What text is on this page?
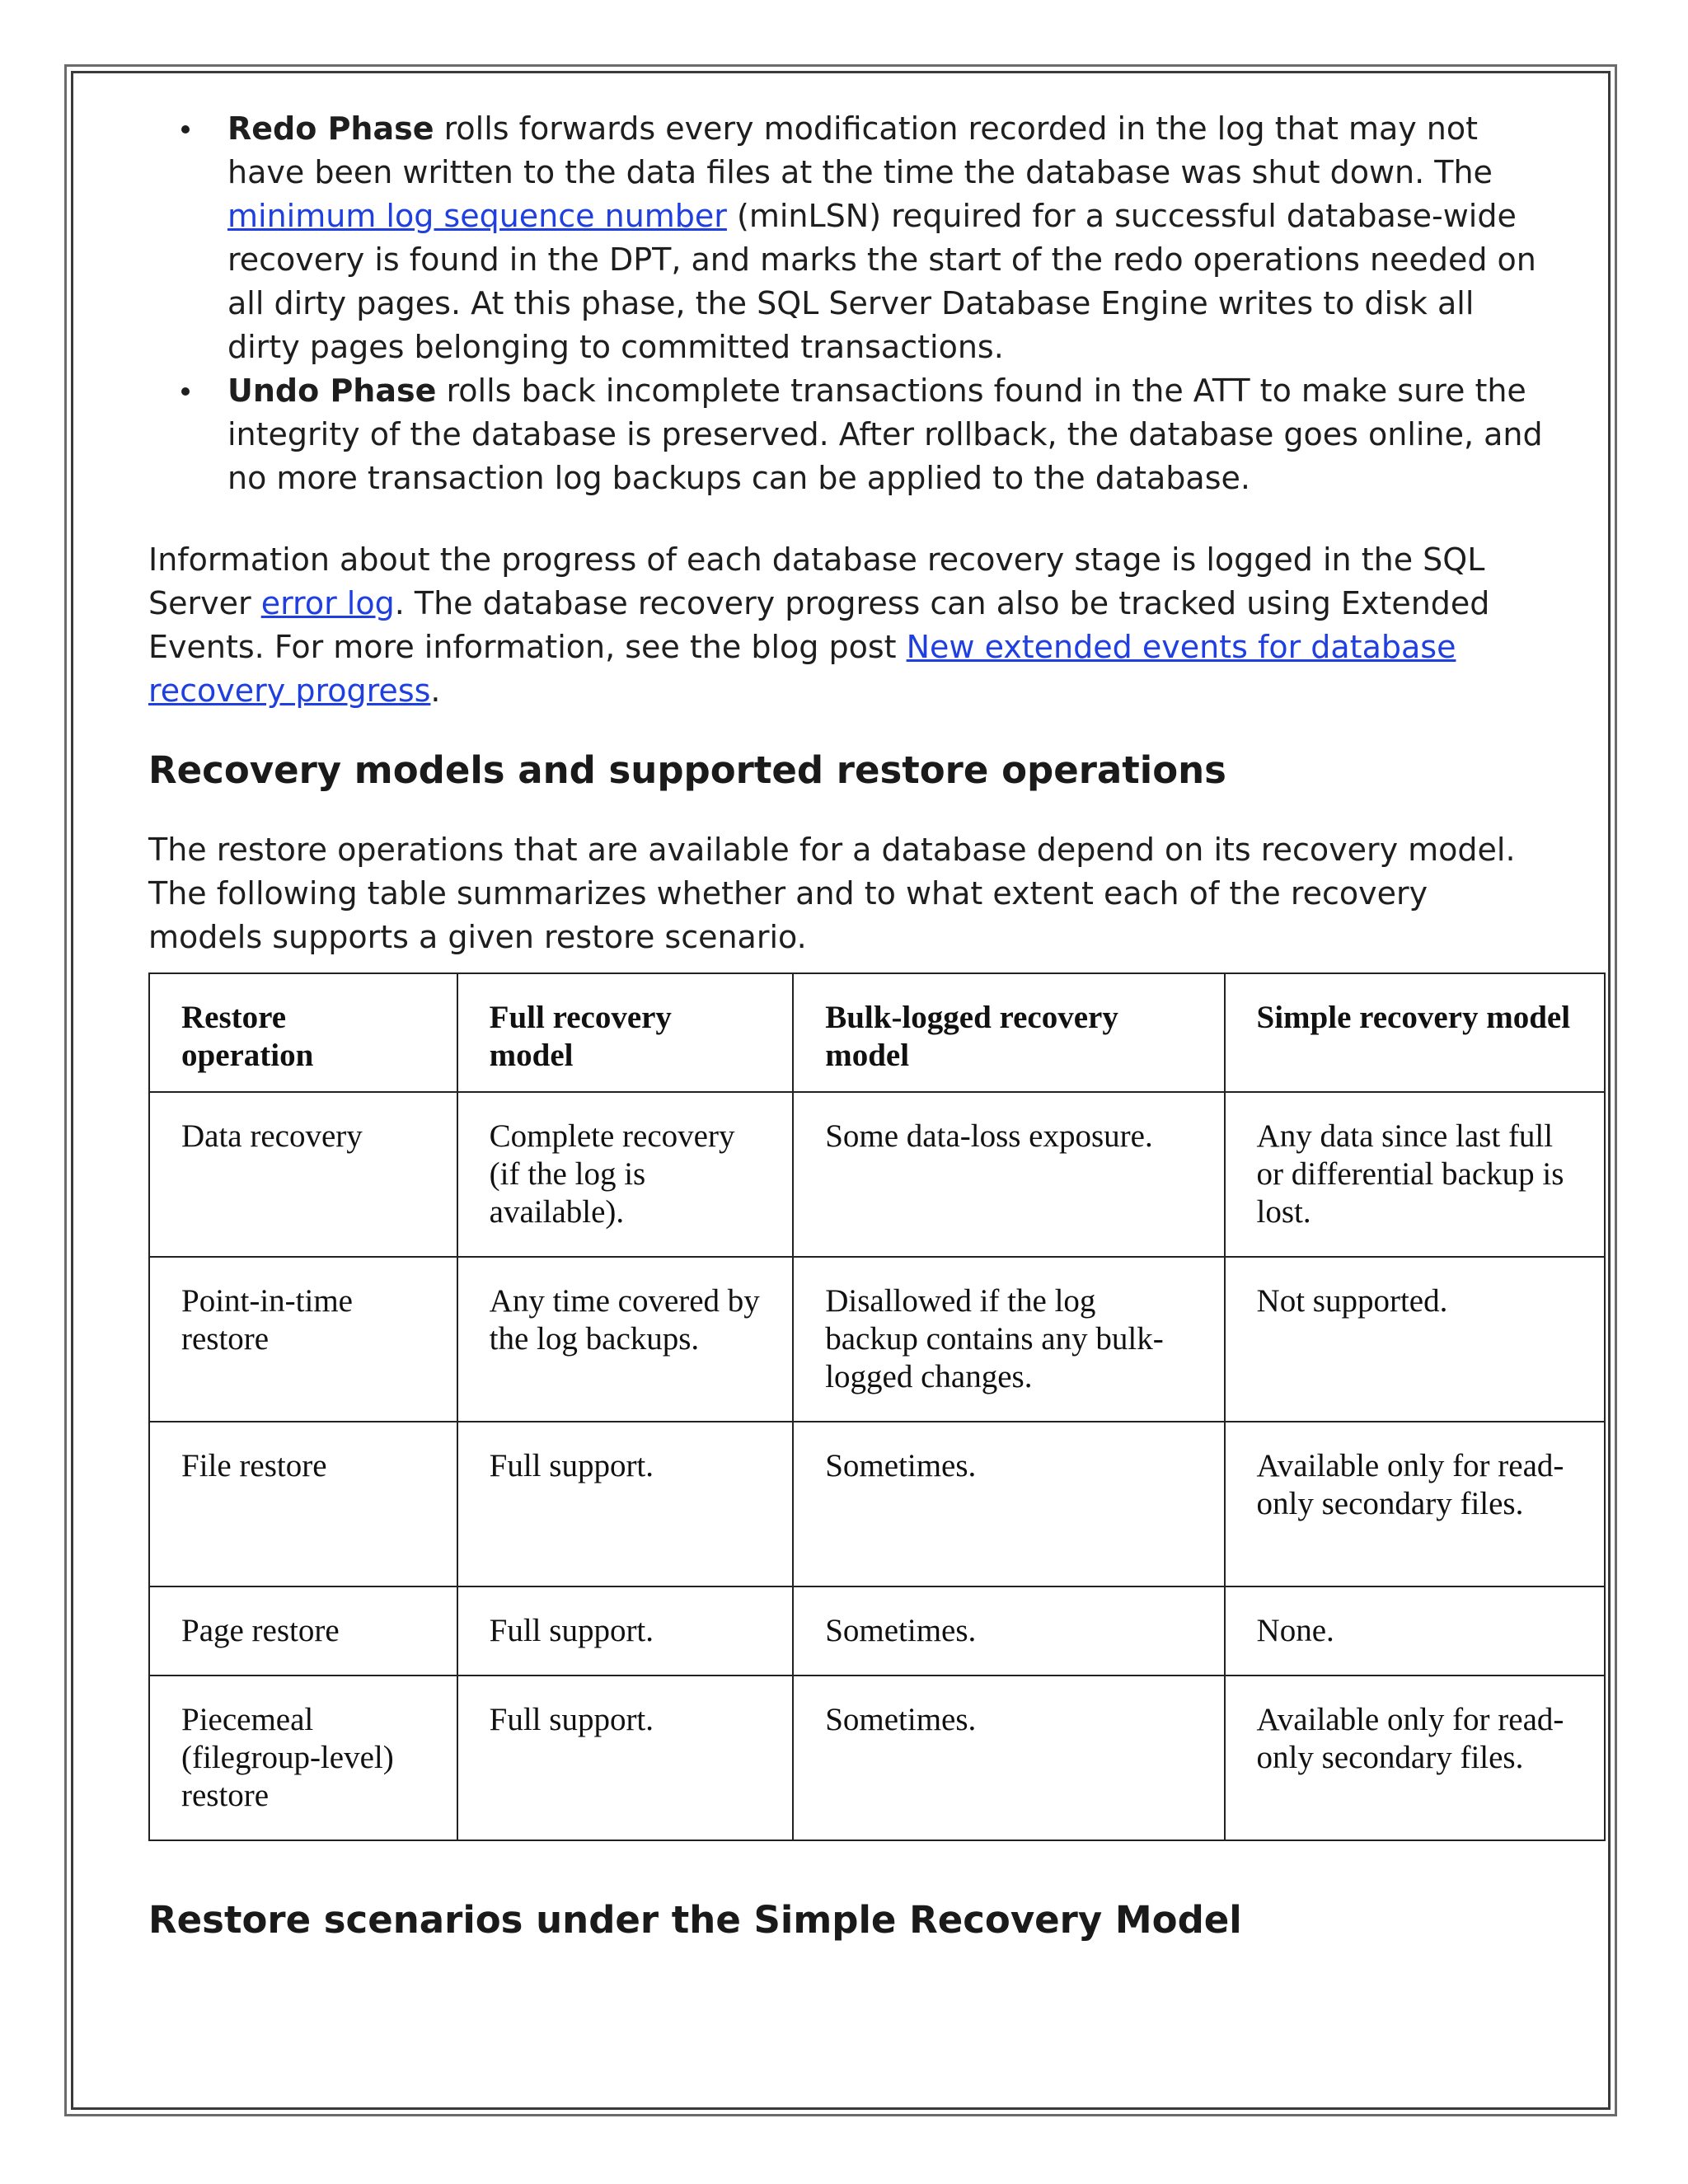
Redo Phase rolls forwards every modification recorded in the log that may not have been written to the data files at the time the database was shut down. The minimum log sequence number (minLSN) required for a successful database-wide recovery is found in the DPT, and marks the start of the redo operations needed on all dirty pages. At this phase, the SQL Server Database Engine writes to disk all dirty pages belonging to committed transactions.
Undo Phase rolls back incomplete transactions found in the ATT to make sure the integrity of the database is preserved. After rollback, the database goes online, and no more transaction log backups can be applied to the database.

Information about the progress of each database recovery stage is logged in the SQL Server error log. The database recovery progress can also be tracked using Extended Events. For more information, see the blog post New extended events for database recovery progress.

Recovery models and supported restore operations

The restore operations that are available for a database depend on its recovery model. The following table summarizes whether and to what extent each of the recovery models supports a given restore scenario.

Restore operation	Full recovery model	Bulk-logged recovery model	Simple recovery model
Data recovery	Complete recovery (if the log is available).	Some data-loss exposure.	Any data since last full or differential backup is lost.
Point-in-time restore	Any time covered by the log backups.	Disallowed if the log backup contains any bulk-logged changes.	Not supported.
File restore	Full support.	Sometimes.	Available only for read-only secondary files.
Page restore	Full support.	Sometimes.	None.
Piecemeal (filegroup-level) restore	Full support.	Sometimes.	Available only for read-only secondary files.
Restore scenarios under the Simple Recovery Model
